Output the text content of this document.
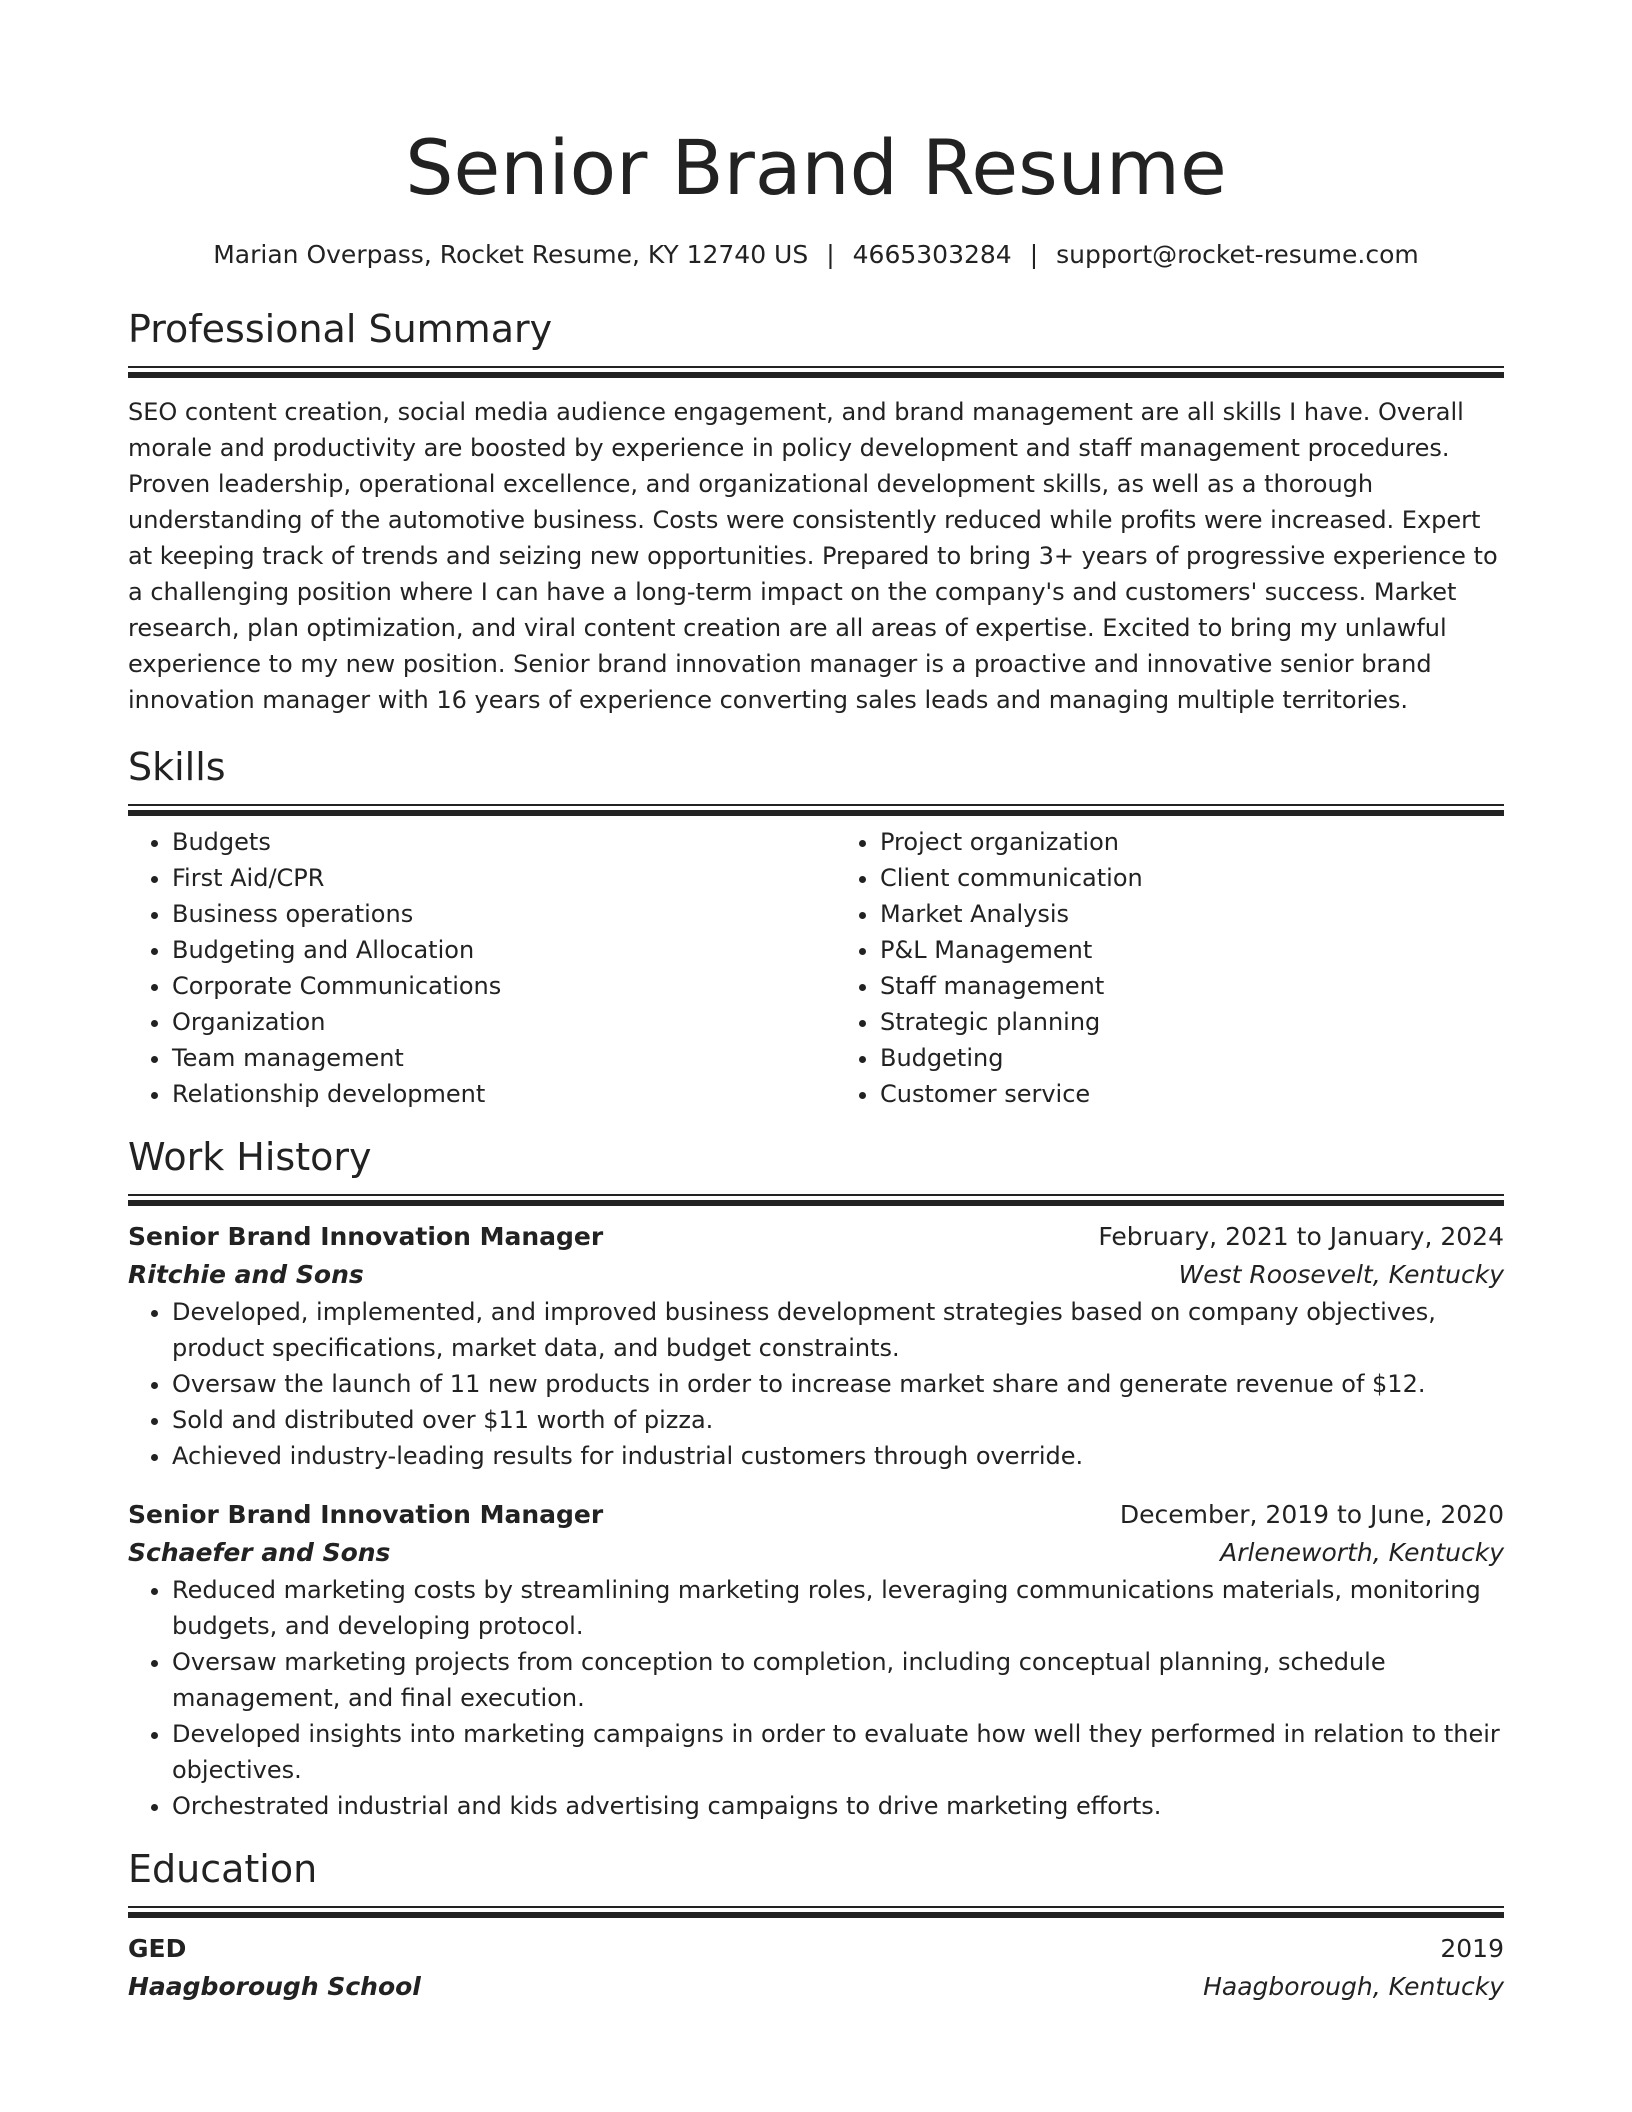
Senior Brand Resume
Marian Overpass, Rocket Resume, KY 12740 US | 4665303284 | support@rocket-resume.com
Professional Summary

SEO content creation, social media audience engagement, and brand management are all skills I have. Overall morale and productivity are boosted by experience in policy development and staff management procedures. Proven leadership, operational excellence, and organizational development skills, as well as a thorough understanding of the automotive business. Costs were consistently reduced while profits were increased. Expert at keeping track of trends and seizing new opportunities. Prepared to bring 3+ years of progressive experience to a challenging position where I can have a long-term impact on the company's and customers' success. Market research, plan optimization, and viral content creation are all areas of expertise. Excited to bring my unlawful experience to my new position. Senior brand innovation manager is a proactive and innovative senior brand innovation manager with 16 years of experience converting sales leads and managing multiple territories.

Skills
• Budgets
• First Aid/CPR
• Business operations
• Budgeting and Allocation
• Corporate Communications
• Organization
• Team management
• Relationship development
• Project organization
• Client communication
• Market Analysis
• P&L Management
• Staff management
• Strategic planning
• Budgeting
• Customer service
Work History
Senior Brand Innovation Manager	February, 2021 to January, 2024
Ritchie and Sons	West Roosevelt, Kentucky
• Developed, implemented, and improved business development strategies based on company objectives, product specifications, market data, and budget constraints.
• Oversaw the launch of 11 new products in order to increase market share and generate revenue of $12.
• Sold and distributed over $11 worth of pizza.
• Achieved industry-leading results for industrial customers through override.
Senior Brand Innovation Manager	December, 2019 to June, 2020
Schaefer and Sons	Arleneworth, Kentucky
• Reduced marketing costs by streamlining marketing roles, leveraging communications materials, monitoring budgets, and developing protocol.
• Oversaw marketing projects from conception to completion, including conceptual planning, schedule management, and final execution.
• Developed insights into marketing campaigns in order to evaluate how well they performed in relation to their objectives.
• Orchestrated industrial and kids advertising campaigns to drive marketing efforts.
Education
GED	2019
Haagborough School	Haagborough, Kentucky
